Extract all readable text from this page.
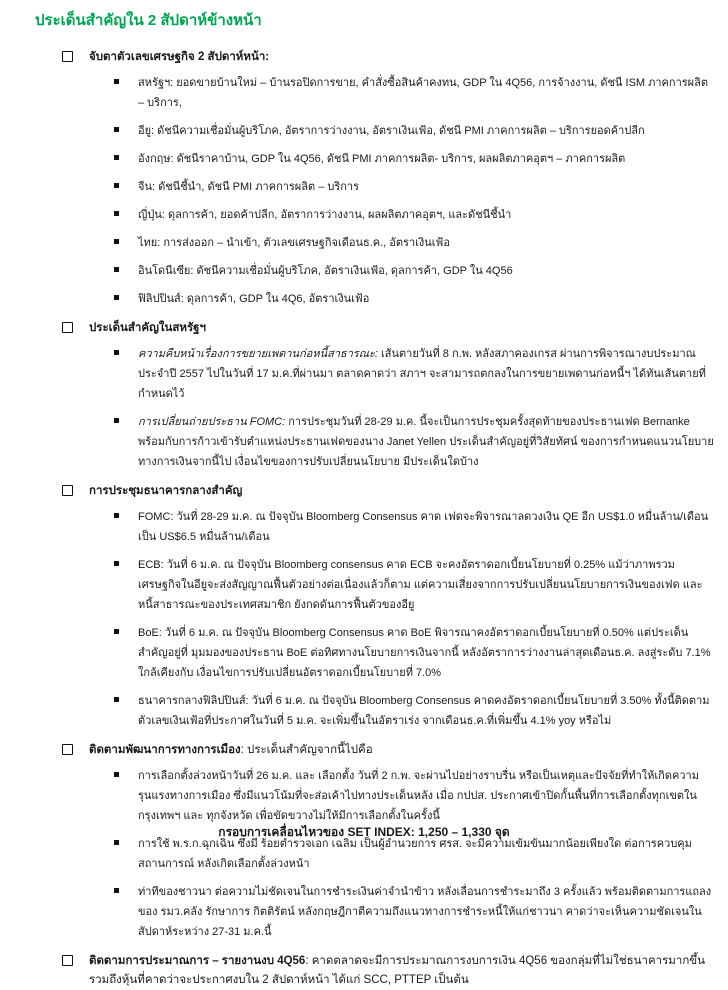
ประเด็นสำคัญใน 2 สัปดาห์ข้างหน้า
จับตาตัวเลขเศรษฐกิจ 2 สัปดาห์หน้า:
สหรัฐฯ: ยอดขายบ้านใหม่ – บ้านรอปิดการขาย, คำสั่งซื้อสินค้าคงทน, GDP ใน 4Q56, การจ้างงาน, ดัชนี ISM ภาคการผลิต – บริการ,
อียู: ดัชนีความเชื่อมั่นผู้บริโภค, อัตราการว่างงาน, อัตราเงินเฟ้อ, ดัชนี PMI ภาคการผลิต – บริการยอดค้าปลีก
อังกฤษ: ดัชนีราคาบ้าน, GDP ใน 4Q56, ดัชนี PMI ภาคการผลิต- บริการ, ผลผลิตภาคอุตฯ – ภาคการผลิต
จีน: ดัชนีชี้นำ, ดัชนี PMI ภาคการผลิต – บริการ
ญี่ปุ่น: ดุลการค้า, ยอดค้าปลีก, อัตราการว่างงาน, ผลผลิตภาคอุตฯ, และดัชนีชี้นำ
ไทย: การส่งออก – นำเข้า, ตัวเลขเศรษฐกิจเดือนธ.ค., อัตราเงินเฟ้อ
อินโดนีเซีย: ดัชนีความเชื่อมั่นผู้บริโภค, อัตราเงินเฟ้อ, ดุลการค้า, GDP ใน 4Q56
ฟิลิปปินส์: ดุลการค้า, GDP ใน 4Q6, อัตราเงินเฟ้อ
ประเด็นสำคัญในสหรัฐฯ
ความคืบหน้าเรื่องการขยายเพดานก่อหนี้สาธารณะ: เส้นตายวันที่ 8 ก.พ. หลังสภาคองเกรส ผ่านการพิจารณางบประมาณประจำปี 2557 ไปในวันที่ 17 ม.ค.ที่ผ่านมา ตลาดคาดว่า สภาฯ จะสามารถตกลงในการขยายเพดานก่อหนี้ฯ ได้ทันเส้นตายที่กำหนดไว้
การเปลี่ยนถ่ายประธาน FOMC: การประชุมวันที่ 28-29 ม.ค. นี้จะเป็นการประชุมครั้งสุดท้ายของประธานเฟด Bernanke พร้อมกับการก้าวเข้ารับตำแหน่งประธานเฟดของนาง Janet Yellen ประเด็นสำคัญอยู่ที่วิสัยทัศน์ ของการกำหนดแนวนโยบายทางการเงินจากนี้ไป เงื่อนไขของการปรับเปลี่ยนนโยบาย มีประเด็นใดบ้าง
การประชุมธนาคารกลางสำคัญ
FOMC: วันที่ 28-29 ม.ค. ณ ปัจจุบัน Bloomberg Consensus คาด เฟดจะพิจารณาลดวงเงิน QE อีก US$1.0 หมื่นล้าน/เดือน เป็น US$6.5 หมื่นล้าน/เดือน
ECB: วันที่ 6 ม.ค. ณ ปัจจุบัน Bloomberg consensus คาด ECB จะคงอัตราดอกเบี้ยนโยบายที่ 0.25% แม้ว่าภาพรวมเศรษฐกิจในอียูจะส่งสัญญาณฟื้นตัวอย่างต่อเนื่องแล้วก็ตาม แต่ความเสี่ยงจากการปรับเปลี่ยนนโยบายการเงินของเฟด และหนี้สาธารณะของประเทศสมาชิก ยังกดดันการฟื้นตัวของอียู
BoE: วันที่ 6 ม.ค. ณ ปัจจุบัน Bloomberg Consensus คาด BoE พิจารณาคงอัตราดอกเบี้ยนโยบายที่ 0.50% แต่ประเด็นสำคัญอยู่ที่ มุมมองของประธาน BoE ต่อทิศทางนโยบายการเงินจากนี้ หลังอัตราการว่างงานล่าสุดเดือนธ.ค. ลงสู่ระดับ 7.1% ใกล้เคียงกับ เงื่อนไขการปรับเปลี่ยนอัตราดอกเบี้ยนโยบายที่ 7.0%
ธนาคารกลางฟิลิปปินส์: วันที่ 6 ม.ค. ณ ปัจจุบัน Bloomberg Consensus คาดคงอัตราดอกเบี้ยนโยบายที่ 3.50% ทั้งนี้ติดตามตัวเลขเงินเฟ้อที่ประกาศในวันที่ 5 ม.ค. จะเพิ่มขึ้นในอัตราเร่ง จากเดือนธ.ค.ที่เพิ่มขึ้น 4.1% yoy หรือไม่
ติดตามพัฒนาการทางการเมือง: ประเด็นสำคัญจากนี้ไปคือ
การเลือกตั้งล่วงหน้าวันที่ 26 ม.ค. และ เลือกตั้ง วันที่ 2 ก.พ. จะผ่านไปอย่างราบรื่น หรือเป็นเหตุและปัจจัยที่ทำให้เกิดความรุนแรงทางการเมือง ซึ่งมีแนวโน้มที่จะส่อเค้าไปทางประเด็นหลัง เมื่อ กปปส. ประกาศเข้าปิดกั้นพื้นที่การเลือกตั้งทุกเขตในกรุงเทพฯ และ ทุกจังหวัด เพื่อขัดขวางไม่ให้มีการเลือกตั้งในครั้งนี้
การใช้ พ.ร.ก.ฉุกเฉิน ซึ่งมี ร้อยตำรวจเอก เฉลิม เป็นผู้อำนวยการ ศรส. จะมีความเข้มข้นมากน้อยเพียงใด ต่อการควบคุมสถานการณ์ หลังเกิดเลือกตั้งล่วงหน้า
ท่าทีของชาวนา ต่อความไม่ชัดเจนในการชำระเงินค่าจำนำข้าว หลังเลื่อนการชำระมาถึง 3 ครั้งแล้ว พร้อมติดตามการแถลงของ รมว.คลัง รักษาการ กิตติรัตน์ หลังกฤษฎีกาตีความถึงแนวทางการชำระหนี้ให้แก่ชาวนา คาดว่าจะเห็นความชัดเจนในสัปดาห์ระหว่าง 27-31 ม.ค.นี้
ติดตามการประมาณการ – รายงานงบ 4Q56: คาดตลาดจะมีการประมาณการงบการเงิน 4Q56 ของกลุ่มที่ไม่ใช่ธนาคารมากขึ้น รวมถึงหุ้นที่คาดว่าจะประกาศงบใน 2 สัปดาห์หน้า ได้แก่ SCC, PTTEP เป็นต้น
กรอบการเคลื่อนไหวของ SET INDEX: 1,250 – 1,330 จุด
